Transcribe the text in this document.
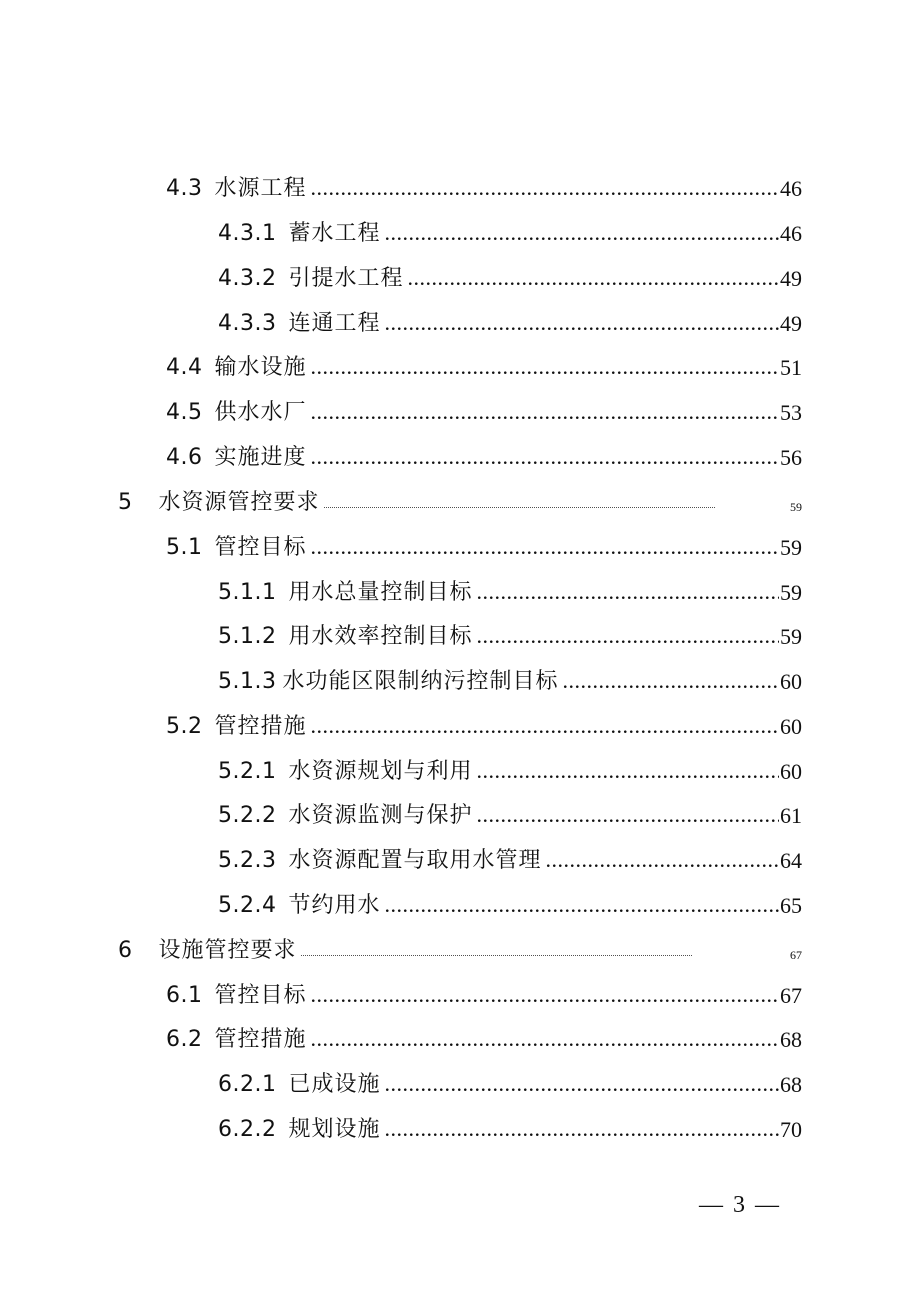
4.3 水源工程 .....	46
4.3.1 蓄水工程 .....	46
4.3.2 引提水工程 .....	49
4.3.3 连通工程 .....	49
4.4 输水设施 .....	51
4.5 供水水厂 .....	53
4.6 实施进度 .....	56
5 水资源管控要求 .....	59
5.1 管控目标 .....	59
5.1.1 用水总量控制目标 .....	59
5.1.2 用水效率控制目标 .....	59
5.1.3 水功能区限制纳污控制目标 .....	60
5.2 管控措施 .....	60
5.2.1 水资源规划与利用 .....	60
5.2.2 水资源监测与保护 .....	61
5.2.3 水资源配置与取用水管理 .....	64
5.2.4 节约用水 .....	65
6 设施管控要求 .....	67
6.1 管控目标 .....	67
6.2 管控措施 .....	68
6.2.1 已成设施 .....	68
6.2.2 规划设施 .....	70
— 3 —
